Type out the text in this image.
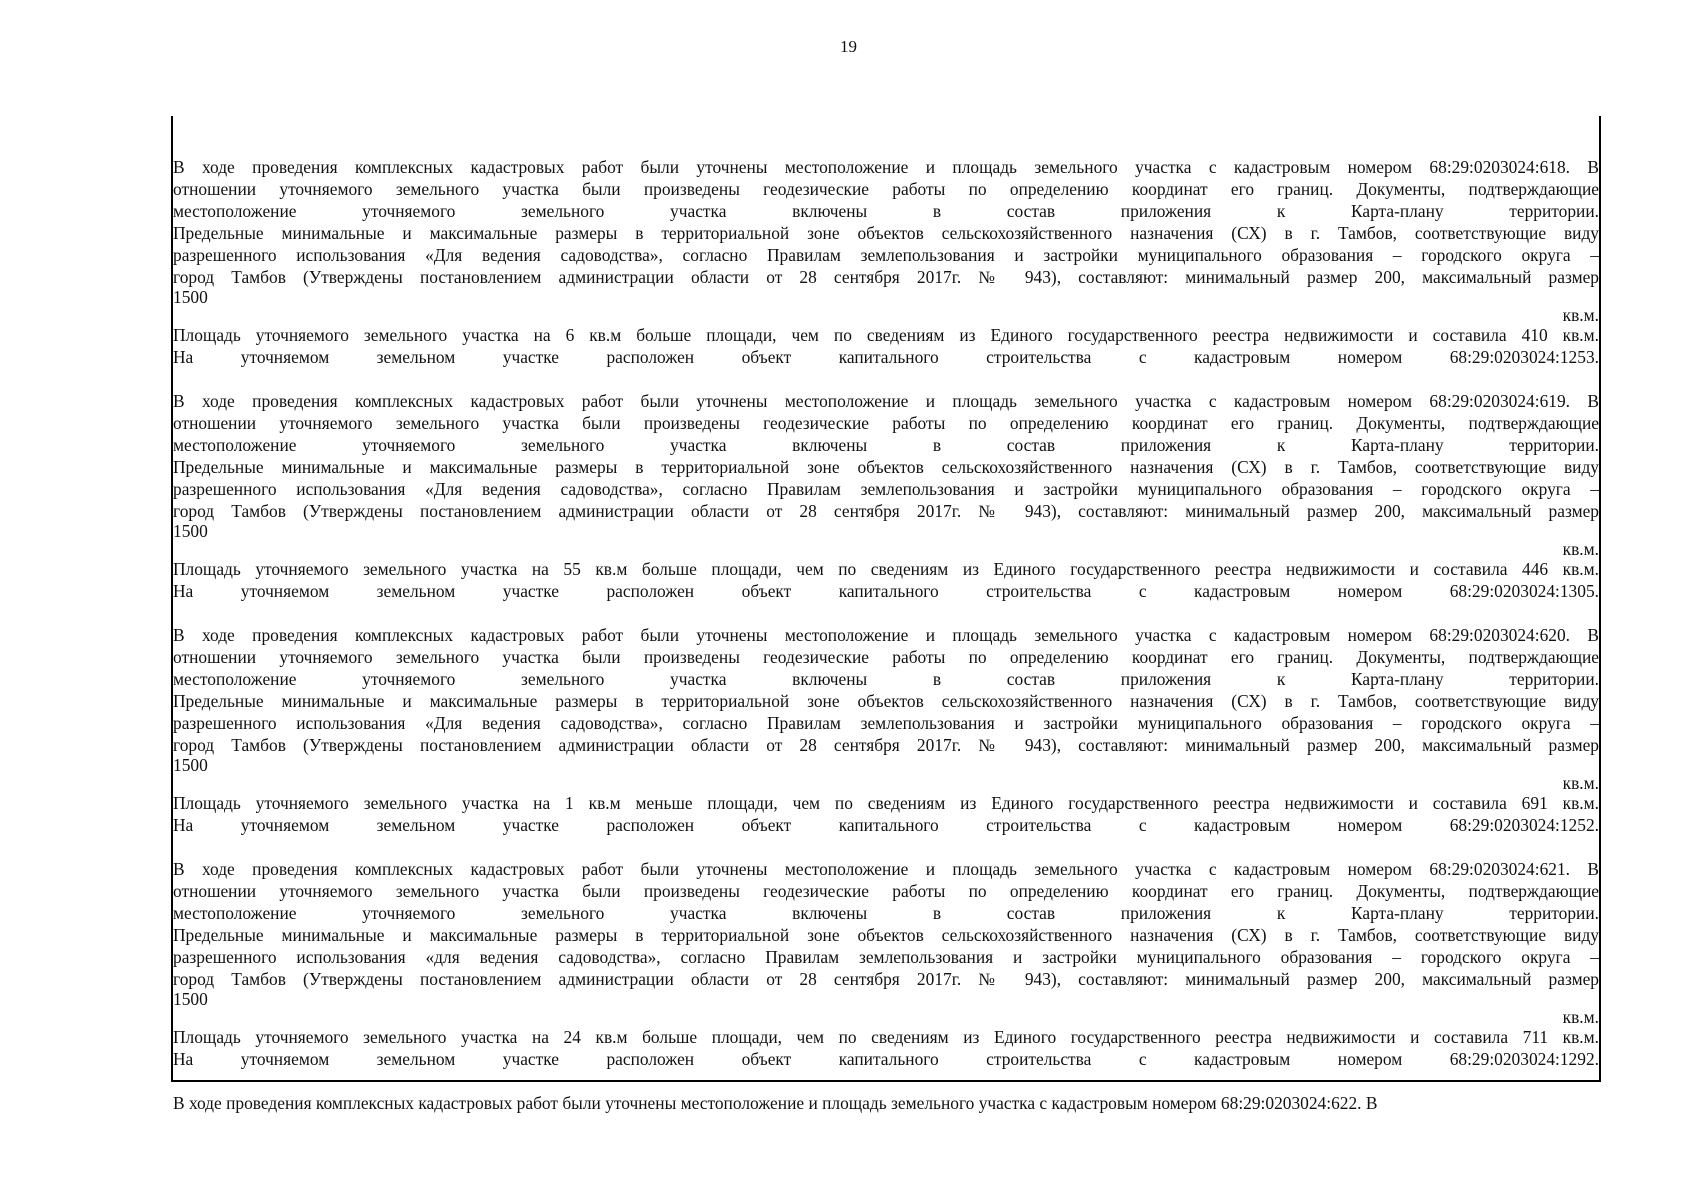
19
В ходе проведения комплексных кадастровых работ были уточнены местоположение и площадь земельного участка с кадастровым номером 68:29:0203024:618. В
отношении уточняемого земельного участка были произведены геодезические работы по определению координат его границ. Документы, подтверждающие
местоположение уточняемого земельного участка включены в состав приложения к Карта-плану территории.
Предельные минимальные и максимальные размеры в территориальной зоне объектов сельскохозяйственного назначения (СХ) в г. Тамбов, соответствующие виду
разрешенного использования «Для ведения садоводства», согласно Правилам землепользования и застройки муниципального образования – городского округа –
город Тамбов (Утверждены постановлением администрации области от 28 сентября 2017г. № 943), составляют: минимальный размер 200, максимальный размер
1500
кв.м.
Площадь уточняемого земельного участка на 6 кв.м больше площади, чем по сведениям из Единого государственного реестра недвижимости и составила 410 кв.м.
На уточняемом земельном участке расположен объект капитального строительства с кадастровым номером 68:29:0203024:1253.
В ходе проведения комплексных кадастровых работ были уточнены местоположение и площадь земельного участка с кадастровым номером 68:29:0203024:619. В
отношении уточняемого земельного участка были произведены геодезические работы по определению координат его границ. Документы, подтверждающие
местоположение уточняемого земельного участка включены в состав приложения к Карта-плану территории.
Предельные минимальные и максимальные размеры в территориальной зоне объектов сельскохозяйственного назначения (СХ) в г. Тамбов, соответствующие виду
разрешенного использования «Для ведения садоводства», согласно Правилам землепользования и застройки муниципального образования – городского округа –
город Тамбов (Утверждены постановлением администрации области от 28 сентября 2017г. № 943), составляют: минимальный размер 200, максимальный размер
1500
кв.м.
Площадь уточняемого земельного участка на 55 кв.м больше площади, чем по сведениям из Единого государственного реестра недвижимости и составила 446 кв.м.
На уточняемом земельном участке расположен объект капитального строительства с кадастровым номером 68:29:0203024:1305.
В ходе проведения комплексных кадастровых работ были уточнены местоположение и площадь земельного участка с кадастровым номером 68:29:0203024:620. В
отношении уточняемого земельного участка были произведены геодезические работы по определению координат его границ. Документы, подтверждающие
местоположение уточняемого земельного участка включены в состав приложения к Карта-плану территории.
Предельные минимальные и максимальные размеры в территориальной зоне объектов сельскохозяйственного назначения (СХ) в г. Тамбов, соответствующие виду
разрешенного использования «Для ведения садоводства», согласно Правилам землепользования и застройки муниципального образования – городского округа –
город Тамбов (Утверждены постановлением администрации области от 28 сентября 2017г. № 943), составляют: минимальный размер 200, максимальный размер
1500
кв.м.
Площадь уточняемого земельного участка на 1 кв.м меньше площади, чем по сведениям из Единого государственного реестра недвижимости и составила 691 кв.м.
На уточняемом земельном участке расположен объект капитального строительства с кадастровым номером 68:29:0203024:1252.
В ходе проведения комплексных кадастровых работ были уточнены местоположение и площадь земельного участка с кадастровым номером 68:29:0203024:621. В
отношении уточняемого земельного участка были произведены геодезические работы по определению координат его границ. Документы, подтверждающие
местоположение уточняемого земельного участка включены в состав приложения к Карта-плану территории.
Предельные минимальные и максимальные размеры в территориальной зоне объектов сельскохозяйственного назначения (СХ) в г. Тамбов, соответствующие виду
разрешенного использования «для ведения садоводства», согласно Правилам землепользования и застройки муниципального образования – городского округа –
город Тамбов (Утверждены постановлением администрации области от 28 сентября 2017г. № 943), составляют: минимальный размер 200, максимальный размер
1500
кв.м.
Площадь уточняемого земельного участка на 24 кв.м больше площади, чем по сведениям из Единого государственного реестра недвижимости и составила 711 кв.м.
На уточняемом земельном участке расположен объект капитального строительства с кадастровым номером 68:29:0203024:1292.
В ходе проведения комплексных кадастровых работ были уточнены местоположение и площадь земельного участка с кадастровым номером 68:29:0203024:622. В
